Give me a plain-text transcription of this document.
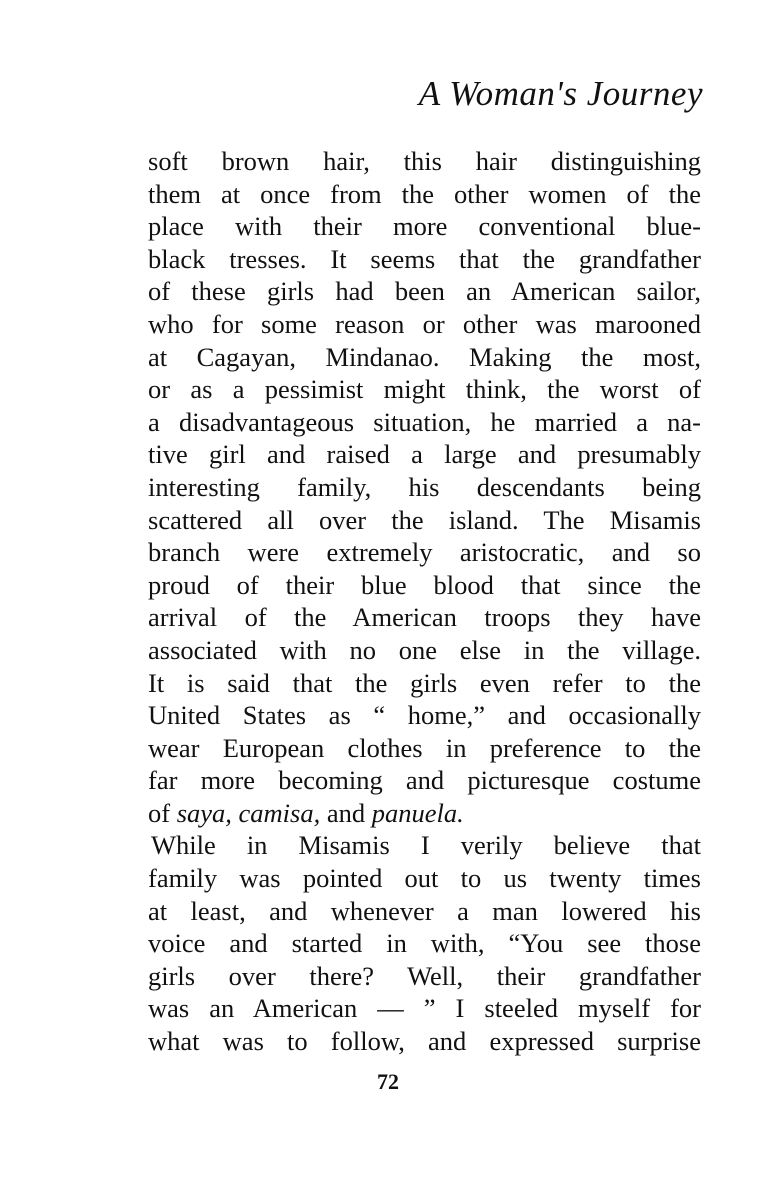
A Woman's Journey
soft brown hair, this hair distinguishing
them at once from the other women of the
place with their more conventional blue-
black tresses. It seems that the grandfather
of these girls had been an American sailor,
who for some reason or other was marooned
at Cagayan, Mindanao. Making the most,
or as a pessimist might think, the worst of
a disadvantageous situation, he married a na-
tive girl and raised a large and presumably
interesting family, his descendants being
scattered all over the island. The Misamis
branch were extremely aristocratic, and so
proud of their blue blood that since the
arrival of the American troops they have
associated with no one else in the village.
It is said that the girls even refer to the
United States as “ home,” and occasionally
wear European clothes in preference to the
far more becoming and picturesque costume
of saya, camisa, and panuela.
While in Misamis I verily believe that
family was pointed out to us twenty times
at least, and whenever a man lowered his
voice and started in with, “You see those
girls over there? Well, their grandfather
was an American — ” I steeled myself for
what was to follow, and expressed surprise
72
